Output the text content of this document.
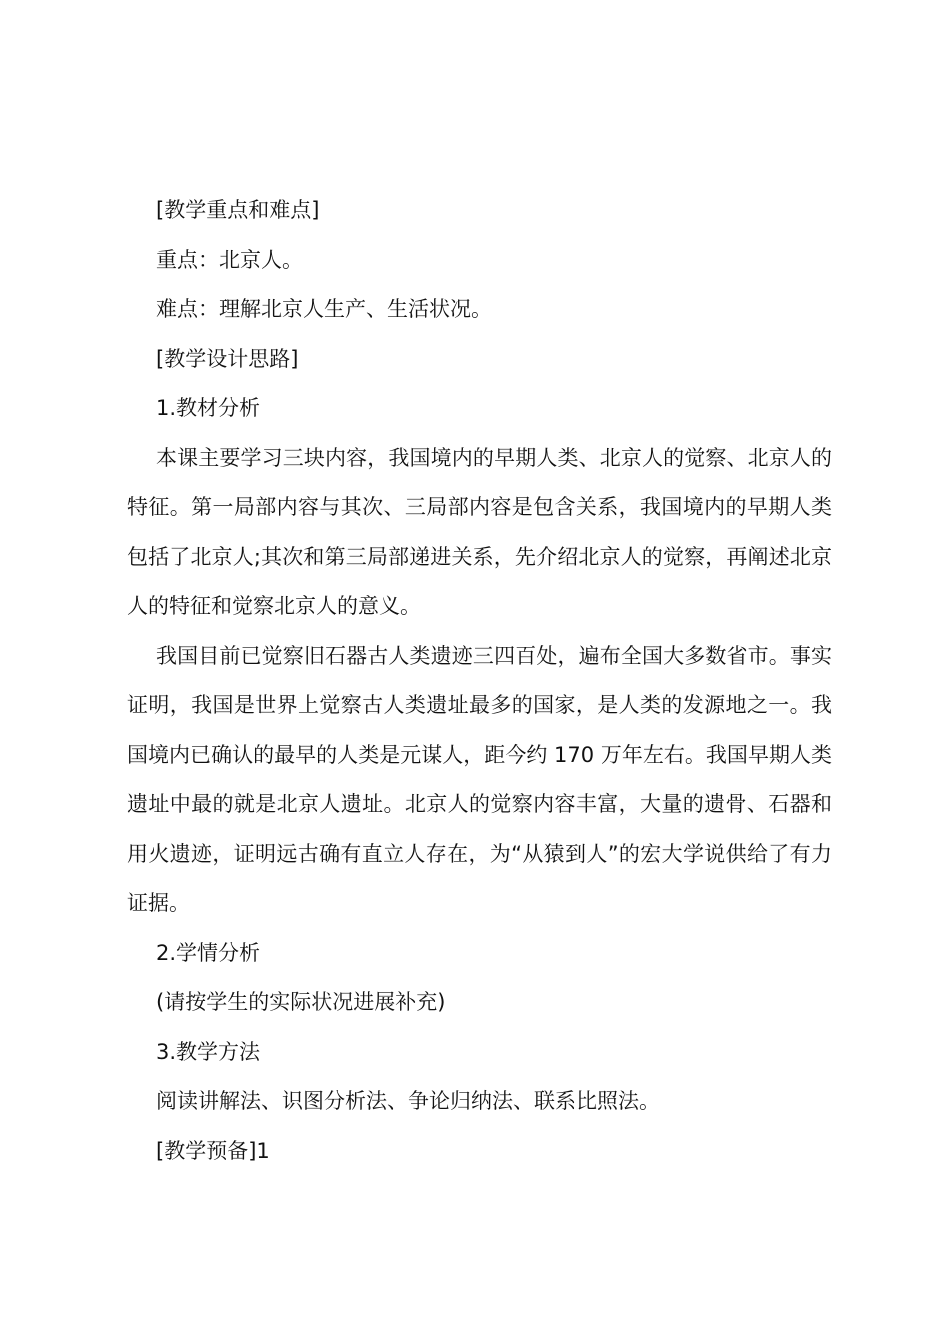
[教学重点和难点]

重点：北京人。

难点：理解北京人生产、生活状况。

[教学设计思路]

1.教材分析

本课主要学习三块内容，我国境内的早期人类、北京人的觉察、北京人的特征。第一局部内容与其次、三局部内容是包含关系，我国境内的早期人类包括了北京人;其次和第三局部递进关系，先介绍北京人的觉察，再阐述北京人的特征和觉察北京人的意义。

我国目前已觉察旧石器古人类遗迹三四百处，遍布全国大多数省市。事实证明，我国是世界上觉察古人类遗址最多的国家，是人类的发源地之一。我国境内已确认的最早的人类是元谋人，距今约 170 万年左右。我国早期人类遗址中最的就是北京人遗址。北京人的觉察内容丰富，大量的遗骨、石器和用火遗迹，证明远古确有直立人存在，为“从猿到人”的宏大学说供给了有力证据。

2.学情分析

(请按学生的实际状况进展补充)

3.教学方法

阅读讲解法、识图分析法、争论归纳法、联系比照法。

[教学预备]1
